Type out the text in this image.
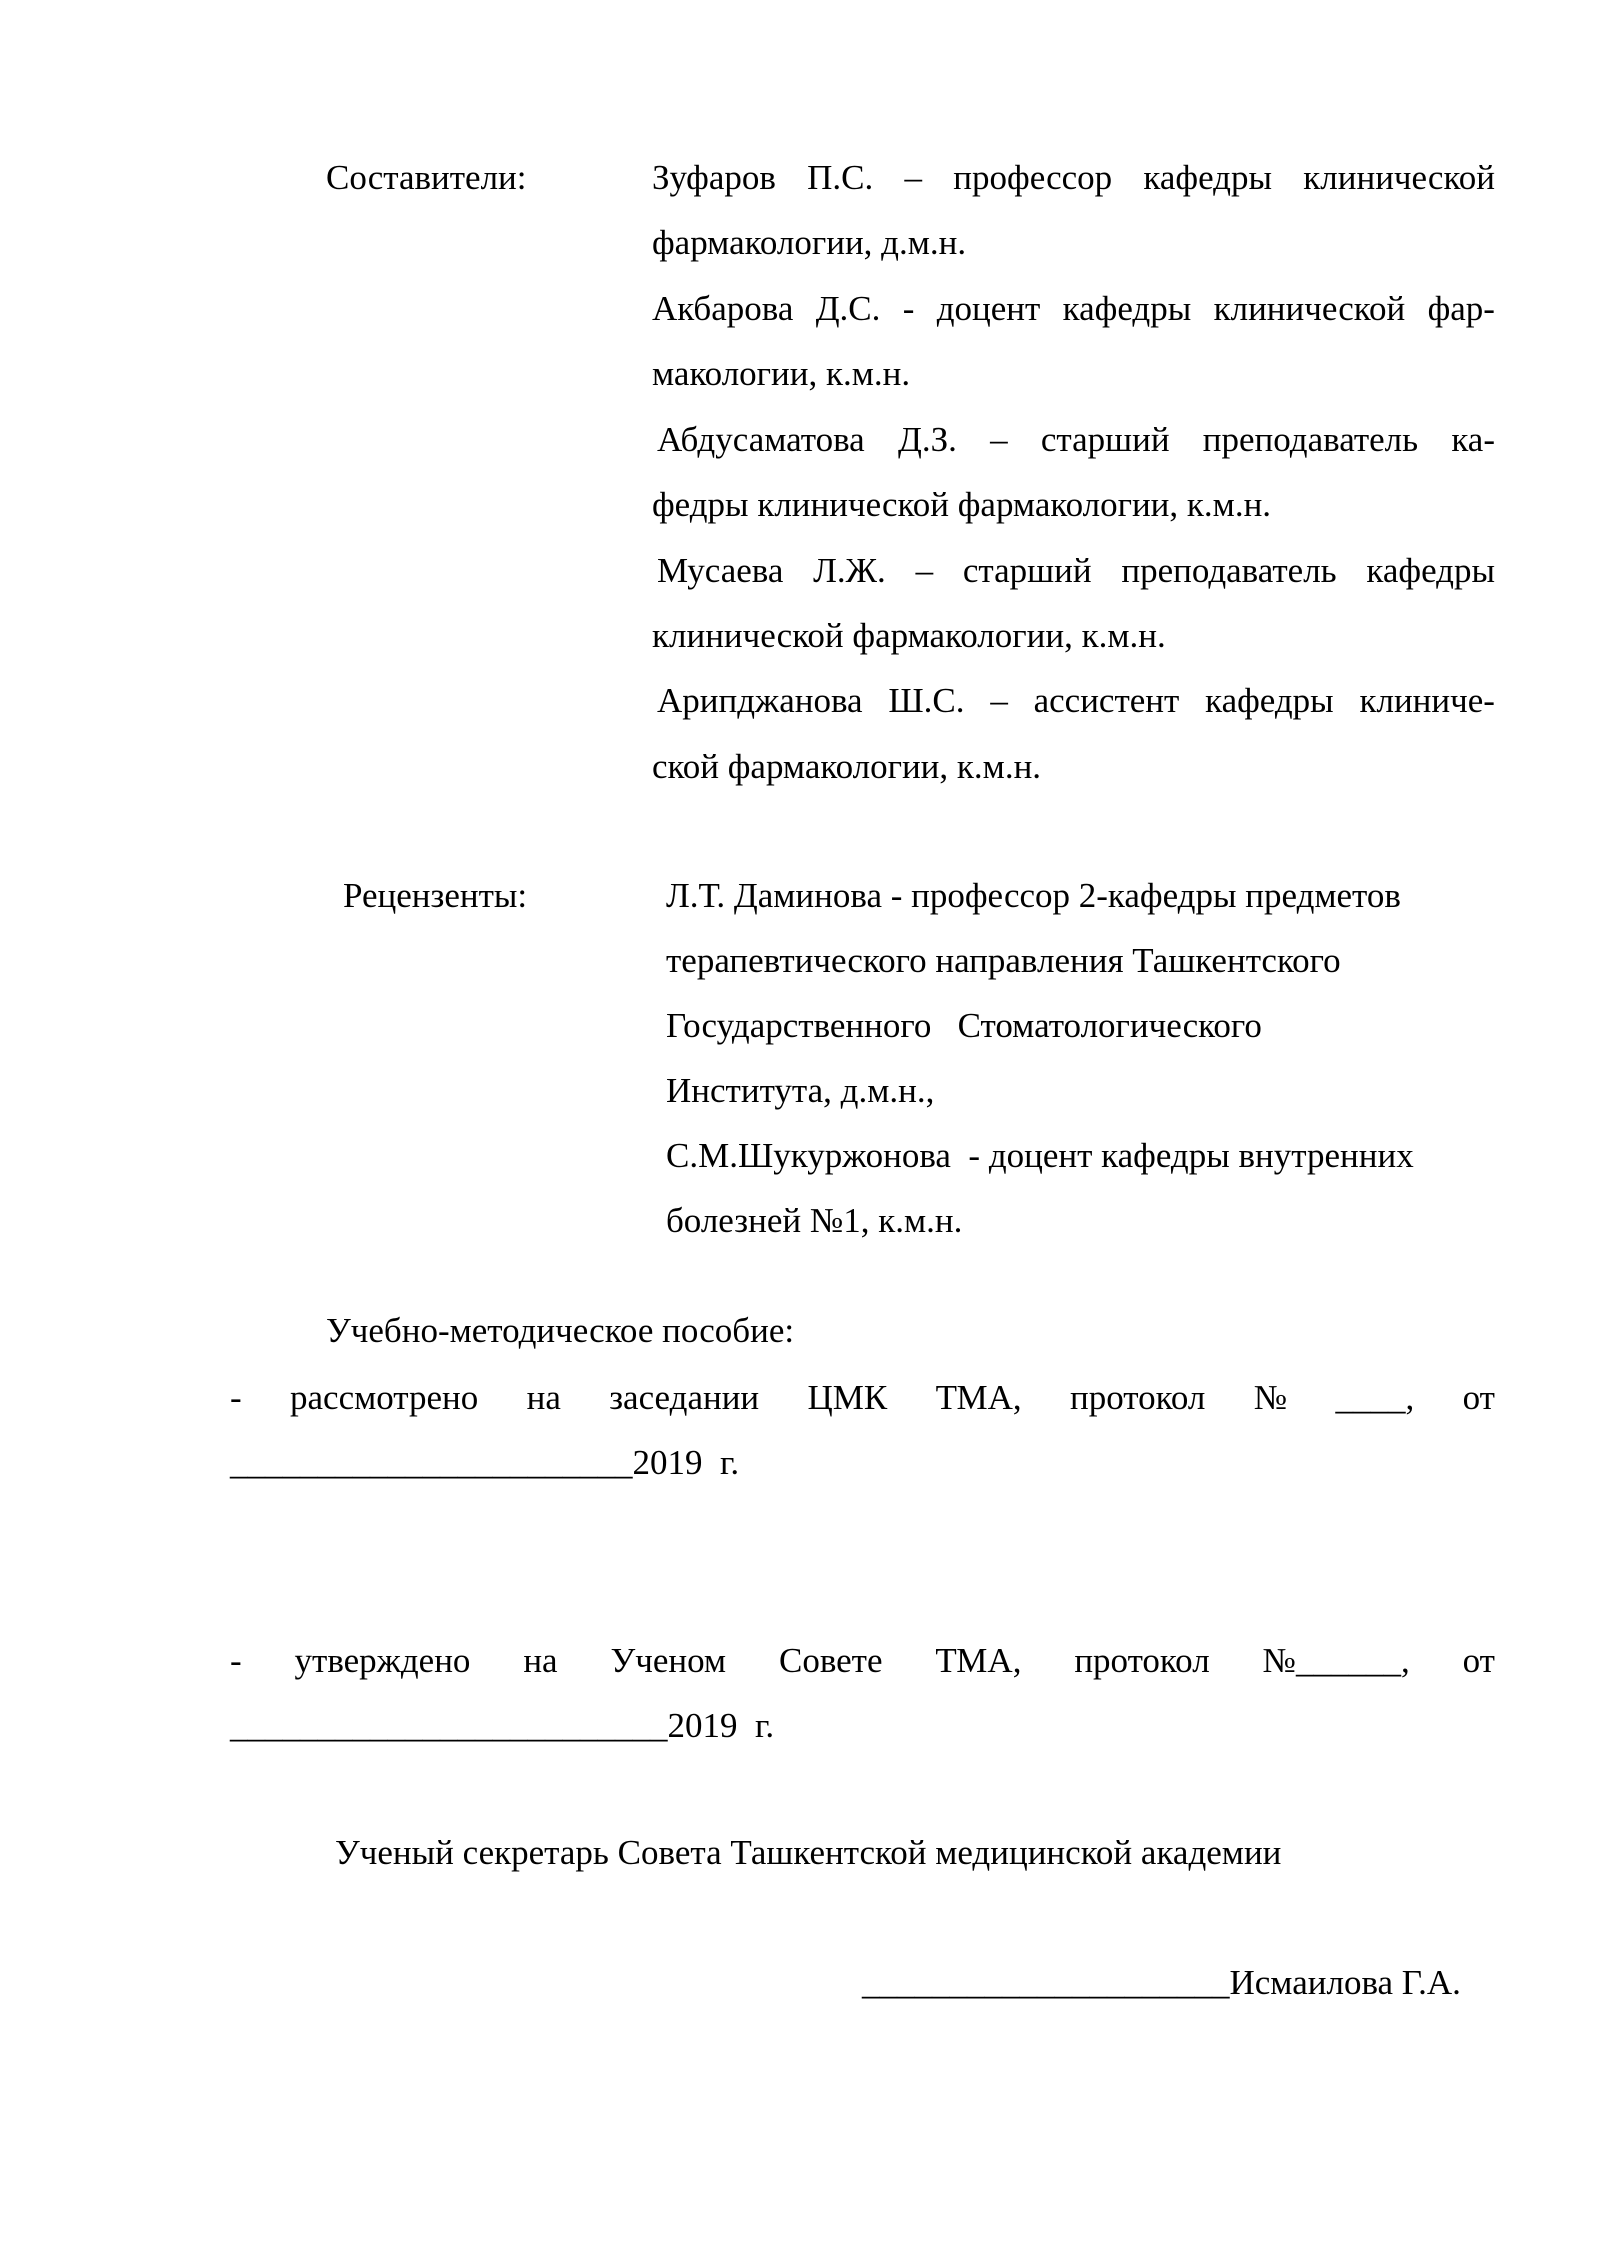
Составители:	Зуфаров П.С. – профессор кафедры клинической
фармакологии, д.м.н.
Акбарова Д.С. - доцент кафедры клинической фар-
макологии, к.м.н.
Абдусаматова Д.З. – старший преподаватель ка-
федры клинической фармакологии, к.м.н.
Мусаева Л.Ж. – старший преподаватель кафедры
клинической фармакологии, к.м.н.
Арипджанова Ш.С. – ассистент кафедры клиниче-
ской фармакологии, к.м.н.
Рецензенты:	Л.Т. Даминова - профессор 2-кафедры предметов
терапевтического направления Ташкентского
Государственного   Стоматологического
Института, д.м.н.,
С.М.Шукуржонова  - доцент кафедры внутренних
болезней №1, к.м.н.
Учебно-методическое пособие:
- рассмотрено на заседании ЦМК ТМА, протокол № ____, от
_______________________2019  г.
- утверждено на Ученом Совете ТМА, протокол №______, от
_________________________2019  г.
Ученый секретарь Совета Ташкентской медицинской академии
_____________________Исмаилова Г.А.
